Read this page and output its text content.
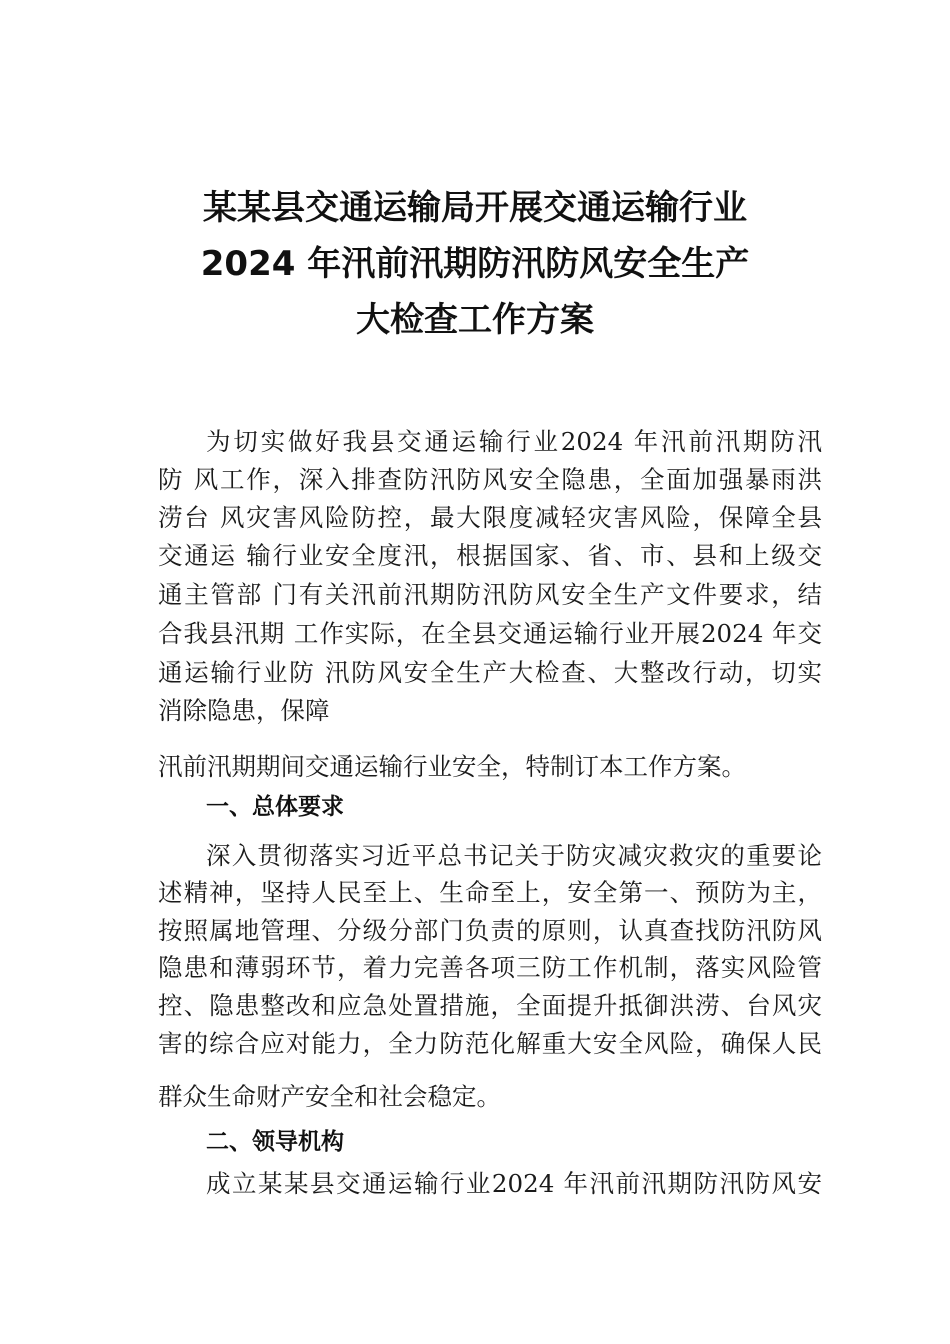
某某县交通运输局开展交通运输行业
2024 年汛前汛期防汛防风安全生产
大检查工作方案
为切实做好我县交通运输行业2024 年汛前汛期防汛
防 风工作，深入排查防汛防风安全隐患，全面加强暴雨洪
涝台 风灾害风险防控，最大限度减轻灾害风险，保障全县
交通运 输行业安全度汛，根据国家、省、市、县和上级交
通主管部 门有关汛前汛期防汛防风安全生产文件要求，结
合我县汛期 工作实际，在全县交通运输行业开展2024 年交
通运输行业防 汛防风安全生产大检查、大整改行动，切实
消除隐患，保障
汛前汛期期间交通运输行业安全，特制订本工作方案。
一、总体要求
深入贯彻落实习近平总书记关于防灾减灾救灾的重要论
述精神，坚持人民至上、生命至上，安全第一、预防为主，
按照属地管理、分级分部门负责的原则，认真查找防汛防风
隐患和薄弱环节，着力完善各项三防工作机制，落实风险管
控、隐患整改和应急处置措施，全面提升抵御洪涝、台风灾
害的综合应对能力，全力防范化解重大安全风险，确保人民
群众生命财产安全和社会稳定。
二、领导机构
成立某某县交通运输行业2024 年汛前汛期防汛防风安
